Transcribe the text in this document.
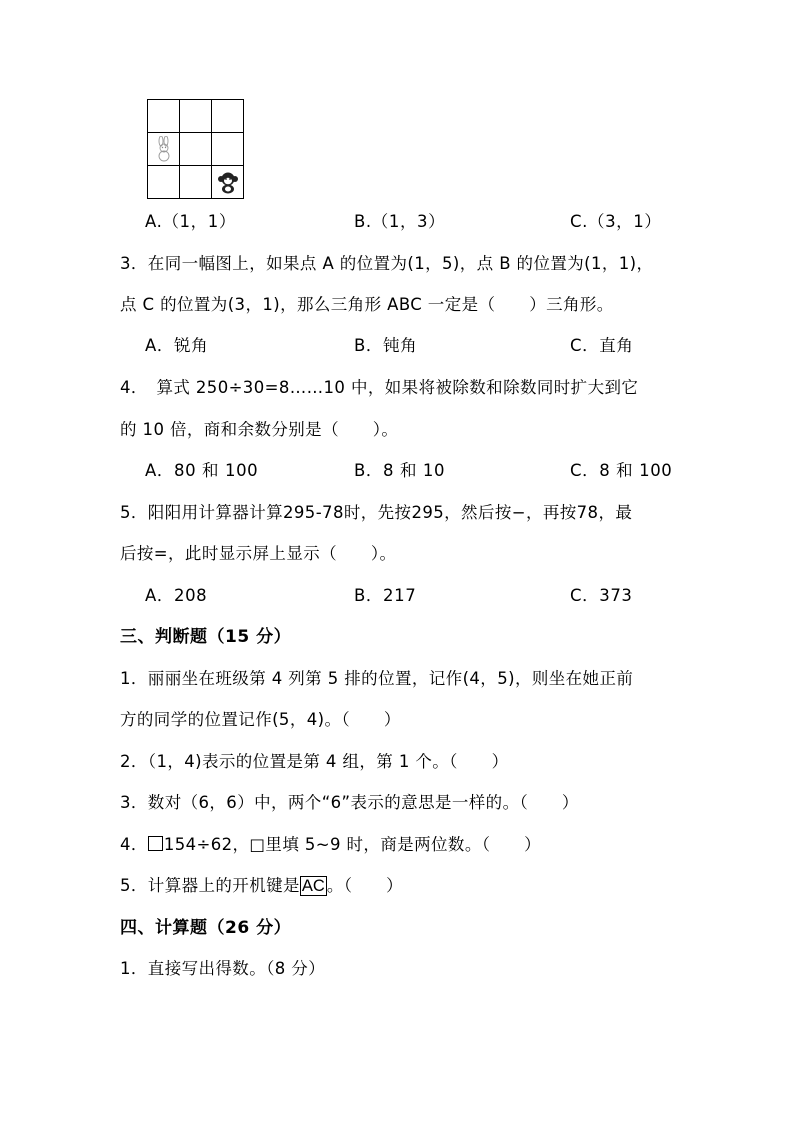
A.（1，1）	B.（1，3）	C.（3，1）
3．在同一幅图上，如果点 A 的位置为(1，5)，点 B 的位置为(1，1)，
点 C 的位置为(3，1)，那么三角形 ABC 一定是（　　）三角形。
A．锐角	B．钝角	C．直角
4．　算式 250÷30=8……10 中，如果将被除数和除数同时扩大到它
的 10 倍，商和余数分别是（　　）。
A．80 和 100	B．8 和 10	C．8 和 100
5．阳阳用计算器计算295-78时，先按295，然后按−，再按78，最
后按=，此时显示屏上显示（　　）。
A．208	B．217	C．373
三、判断题（15 分）
1．丽丽坐在班级第 4 列第 5 排的位置，记作(4，5)，则坐在她正前
方的同学的位置记作(5，4)。（　　）
2．（1，4)表示的位置是第 4 组，第 1 个。（　　）
3．数对（6，6）中，两个“6”表示的意思是一样的。（　　）
4． 154÷62，□里填 5~9 时，商是两位数。（　　）
5．计算器上的开机键是 AC 。（　　）
四、计算题（26 分）
1．直接写出得数。（8 分）
